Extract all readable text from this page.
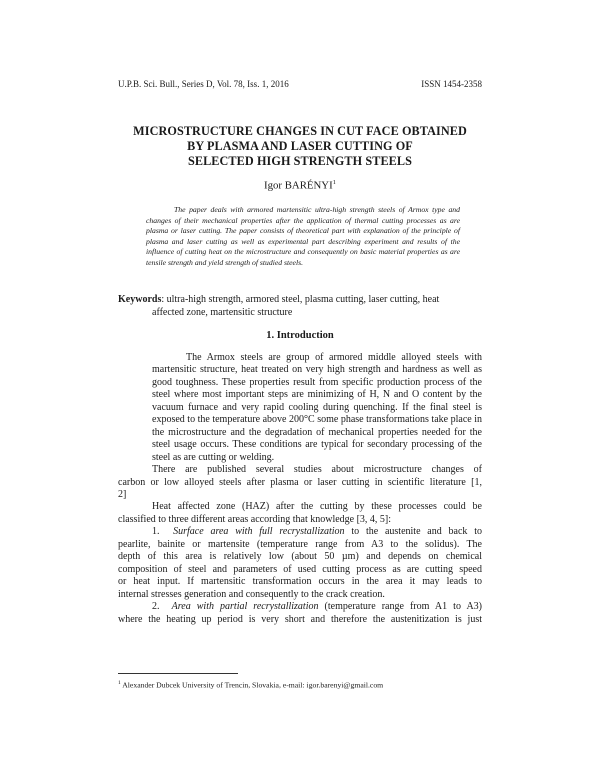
U.P.B. Sci. Bull., Series D, Vol. 78, Iss. 1, 2016	ISSN 1454-2358
MICROSTRUCTURE CHANGES IN CUT FACE OBTAINED
BY PLASMA AND LASER CUTTING OF
SELECTED HIGH STRENGTH STEELS
Igor BARÉNYI$^1$

The paper deals with armored martensitic ultra-high strength steels of Armox type and changes of their mechanical properties after the application of thermal cutting processes as are plasma or laser cutting. The paper consists of theoretical part with explanation of the principle of plasma and laser cutting as well as experimental part describing experiment and results of the influence of cutting heat on the microstructure and consequently on basic material properties as are tensile strength and yield strength of studied steels.

Keywords: ultra-high strength, armored steel, plasma cutting, laser cutting, heat
affected zone, martensitic structure
1. Introduction

The Armox steels are group of armored middle alloyed steels with
martensitic structure, heat treated on very high strength and hardness as well as
good toughness. These properties result from specific production process of the
steel where most important steps are minimizing of H, N and O content by the
vacuum furnace and very rapid cooling during quenching. If the final steel is
exposed to the temperature above 200°C some phase transformations take place in
the microstructure and the degradation of mechanical properties needed for the
steel usage occurs. These conditions are typical for secondary processing of the
steel as are cutting or welding.

There are published several studies about microstructure changes of
carbon or low alloyed steels after plasma or laser cutting in scientific literature [1,
2]

Heat affected zone (HAZ) after the cutting by these processes could be
classified to three different areas according that knowledge [3, 4, 5]:

1. Surface area with full recrystallization to the austenite and back to
pearlite, bainite or martensite (temperature range from A3 to the solidus). The
depth of this area is relatively low (about 50 µm) and depends on chemical
composition of steel and parameters of used cutting process as are cutting speed
or heat input. If martensitic transformation occurs in the area it may leads to
internal stresses generation and consequently to the crack creation.

2. Area with partial recrystallization (temperature range from A1 to A3)
where the heating up period is very short and therefore the austenitization is just

$^1$ Alexander Dubcek University of Trencin, Slovakia, e-mail: igor.barenyi@gmail.com
